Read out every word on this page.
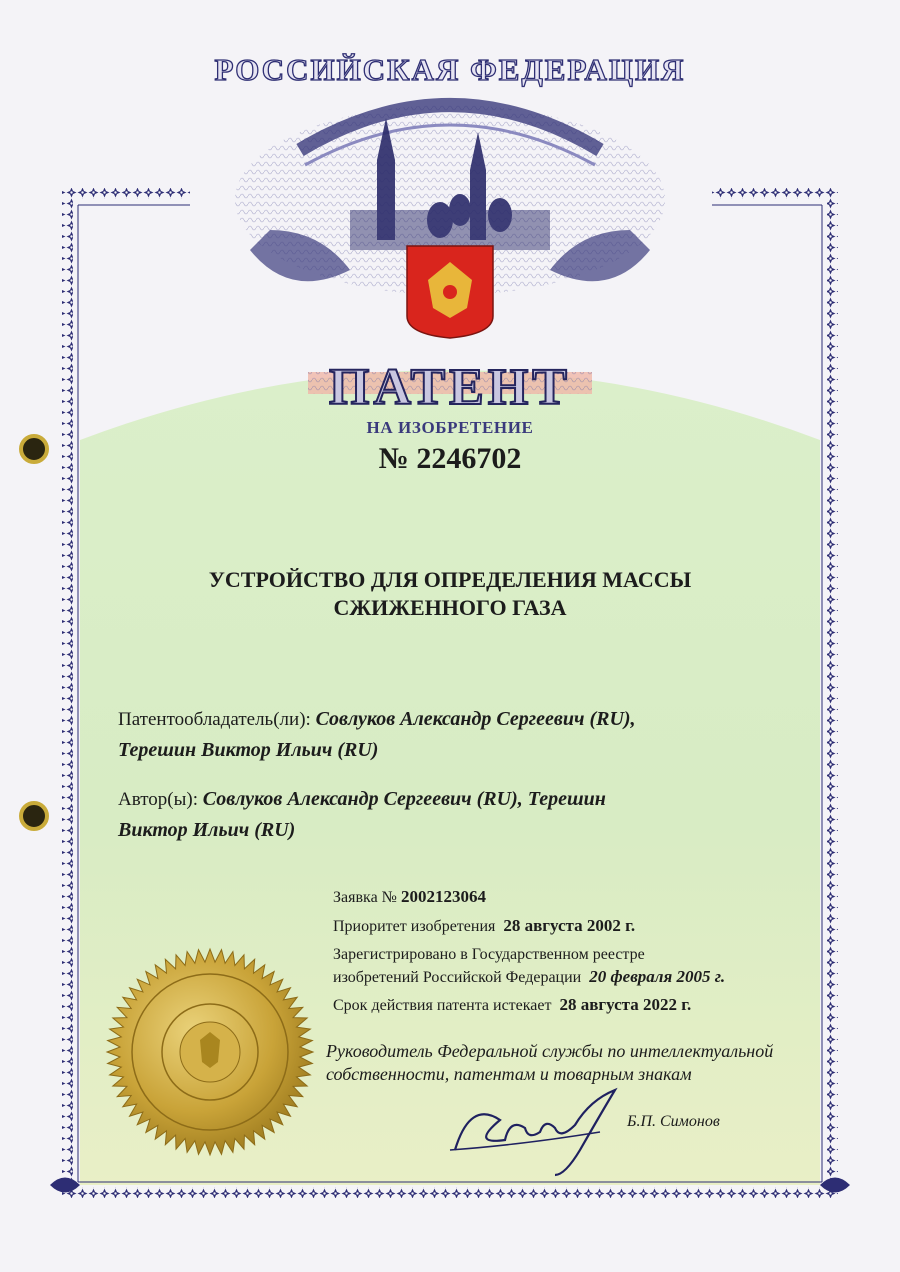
РОССИЙСКАЯ ФЕДЕРАЦИЯ
ПАТЕНТ
НА ИЗОБРЕТЕНИЕ
№ 2246702
УСТРОЙСТВО ДЛЯ ОПРЕДЕЛЕНИЯ МАССЫ
СЖИЖЕННОГО ГАЗА
Патентообладатель(ли): Совлуков Александр Сергеевич (RU),
Терешин Виктор Ильич (RU)
Автор(ы): Совлуков Александр Сергеевич (RU), Терешин
Виктор Ильич (RU)
Заявка № 2002123064
Приоритет изобретения 28 августа 2002 г.
Зарегистрировано в Государственном реестре
изобретений Российской Федерации 20 февраля 2005 г.
Срок действия патента истекает 28 августа 2022 г.
Руководитель Федеральной службы по интеллектуальной
собственности, патентам и товарным знакам
Б.П. Симонов
